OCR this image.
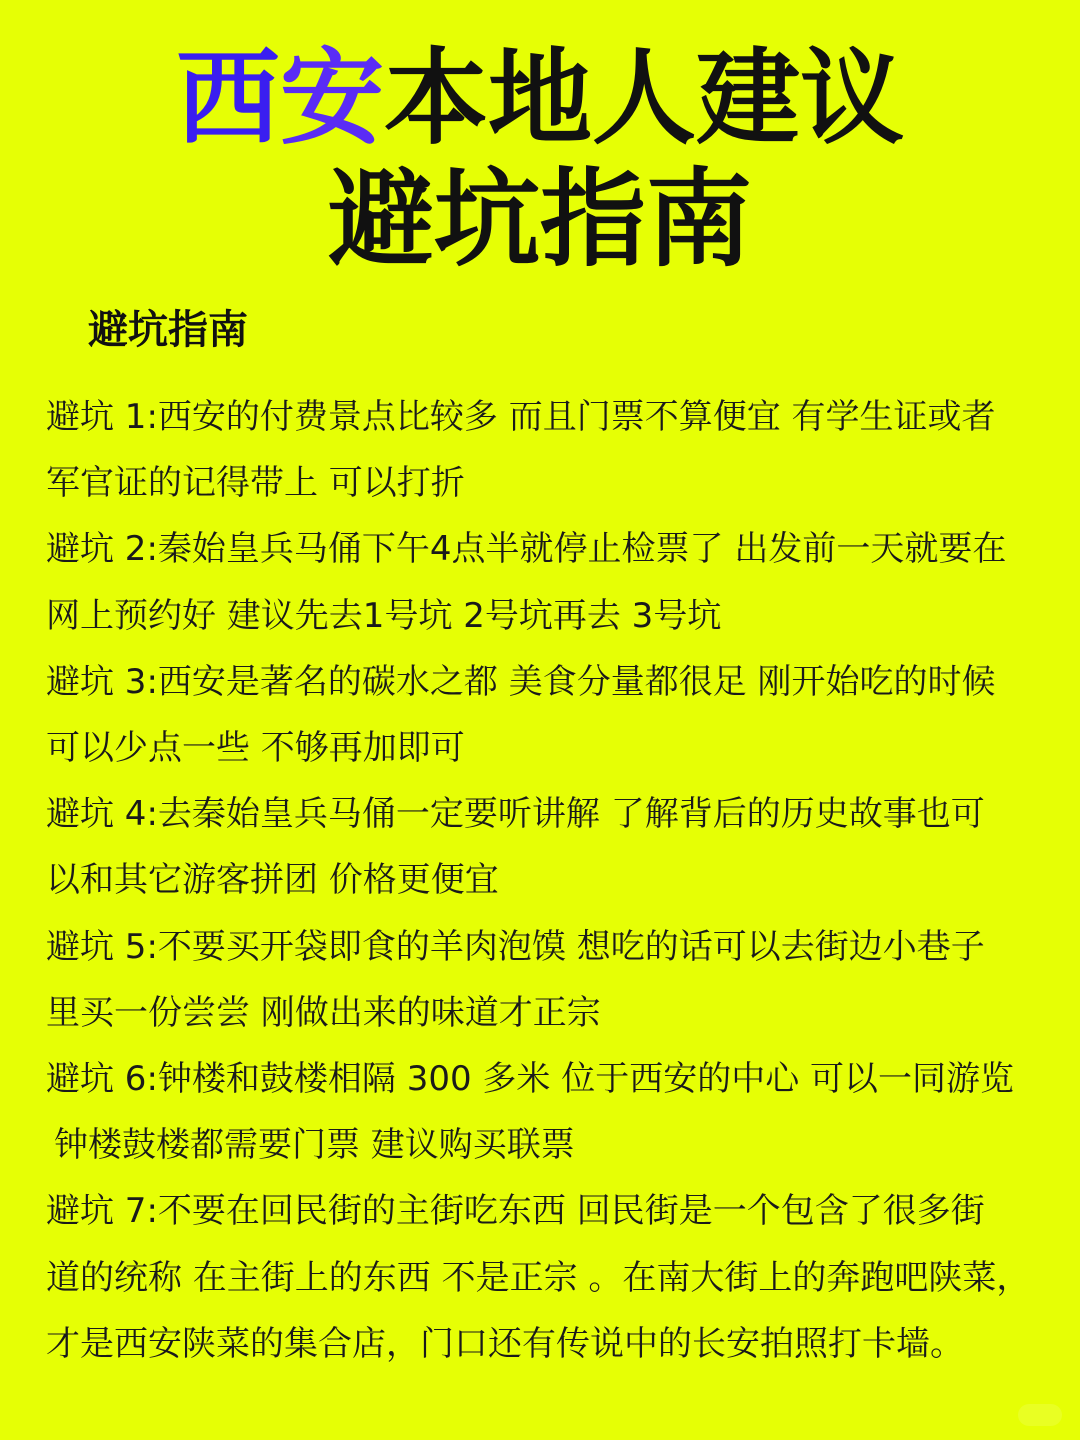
西安本地人建议
避坑指南
避坑指南
避坑 1:西安的付费景点比较多 而且门票不算便宜 有学生证或者
军官证的记得带上 可以打折
避坑 2:秦始皇兵马俑下午4点半就停止检票了 出发前一天就要在
网上预约好 建议先去1号坑 2号坑再去 3号坑
避坑 3:西安是著名的碳水之都 美食分量都很足 刚开始吃的时候
可以少点一些 不够再加即可
避坑 4:去秦始皇兵马俑一定要听讲解 了解背后的历史故事也可
以和其它游客拼团 价格更便宜
避坑 5:不要买开袋即食的羊肉泡馍 想吃的话可以去街边小巷子
里买一份尝尝 刚做出来的味道才正宗
避坑 6:钟楼和鼓楼相隔 300 多米 位于西安的中心 可以一同游览
钟楼鼓楼都需要门票 建议购买联票
避坑 7:不要在回民街的主街吃东西 回民街是一个包含了很多街
道的统称 在主街上的东西 不是正宗 。在南大街上的奔跑吧陕菜，
才是西安陕菜的集合店，门口还有传说中的长安拍照打卡墙。
